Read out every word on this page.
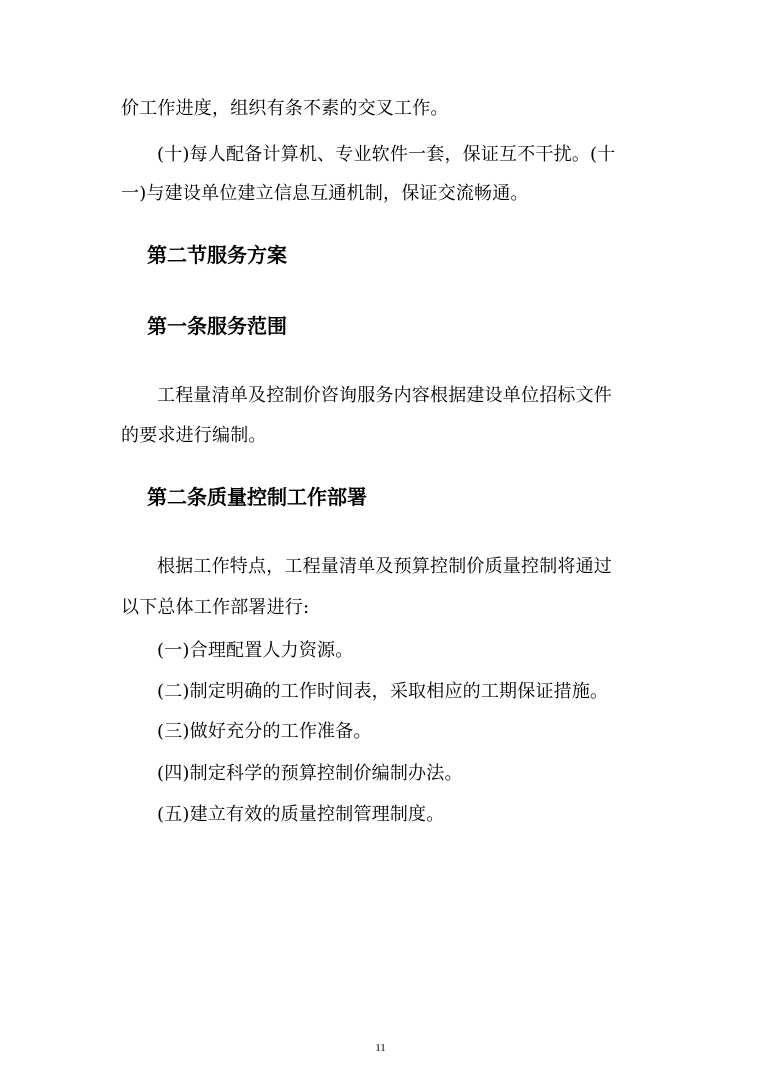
价工作进度，组织有条不素的交叉工作。
(十)每人配备计算机、专业软件一套，保证互不干扰。(十
一)与建设单位建立信息互通机制，保证交流畅通。
第二节服务方案
第一条服务范围
工程量清单及控制价咨询服务内容根据建设单位招标文件
的要求进行编制。
第二条质量控制工作部署
根据工作特点，工程量清单及预算控制价质量控制将通过
以下总体工作部署进行:
(一)合理配置人力资源。
(二)制定明确的工作时间表，采取相应的工期保证措施。
(三)做好充分的工作准备。
(四)制定科学的预算控制价编制办法。
(五)建立有效的质量控制管理制度。
11
